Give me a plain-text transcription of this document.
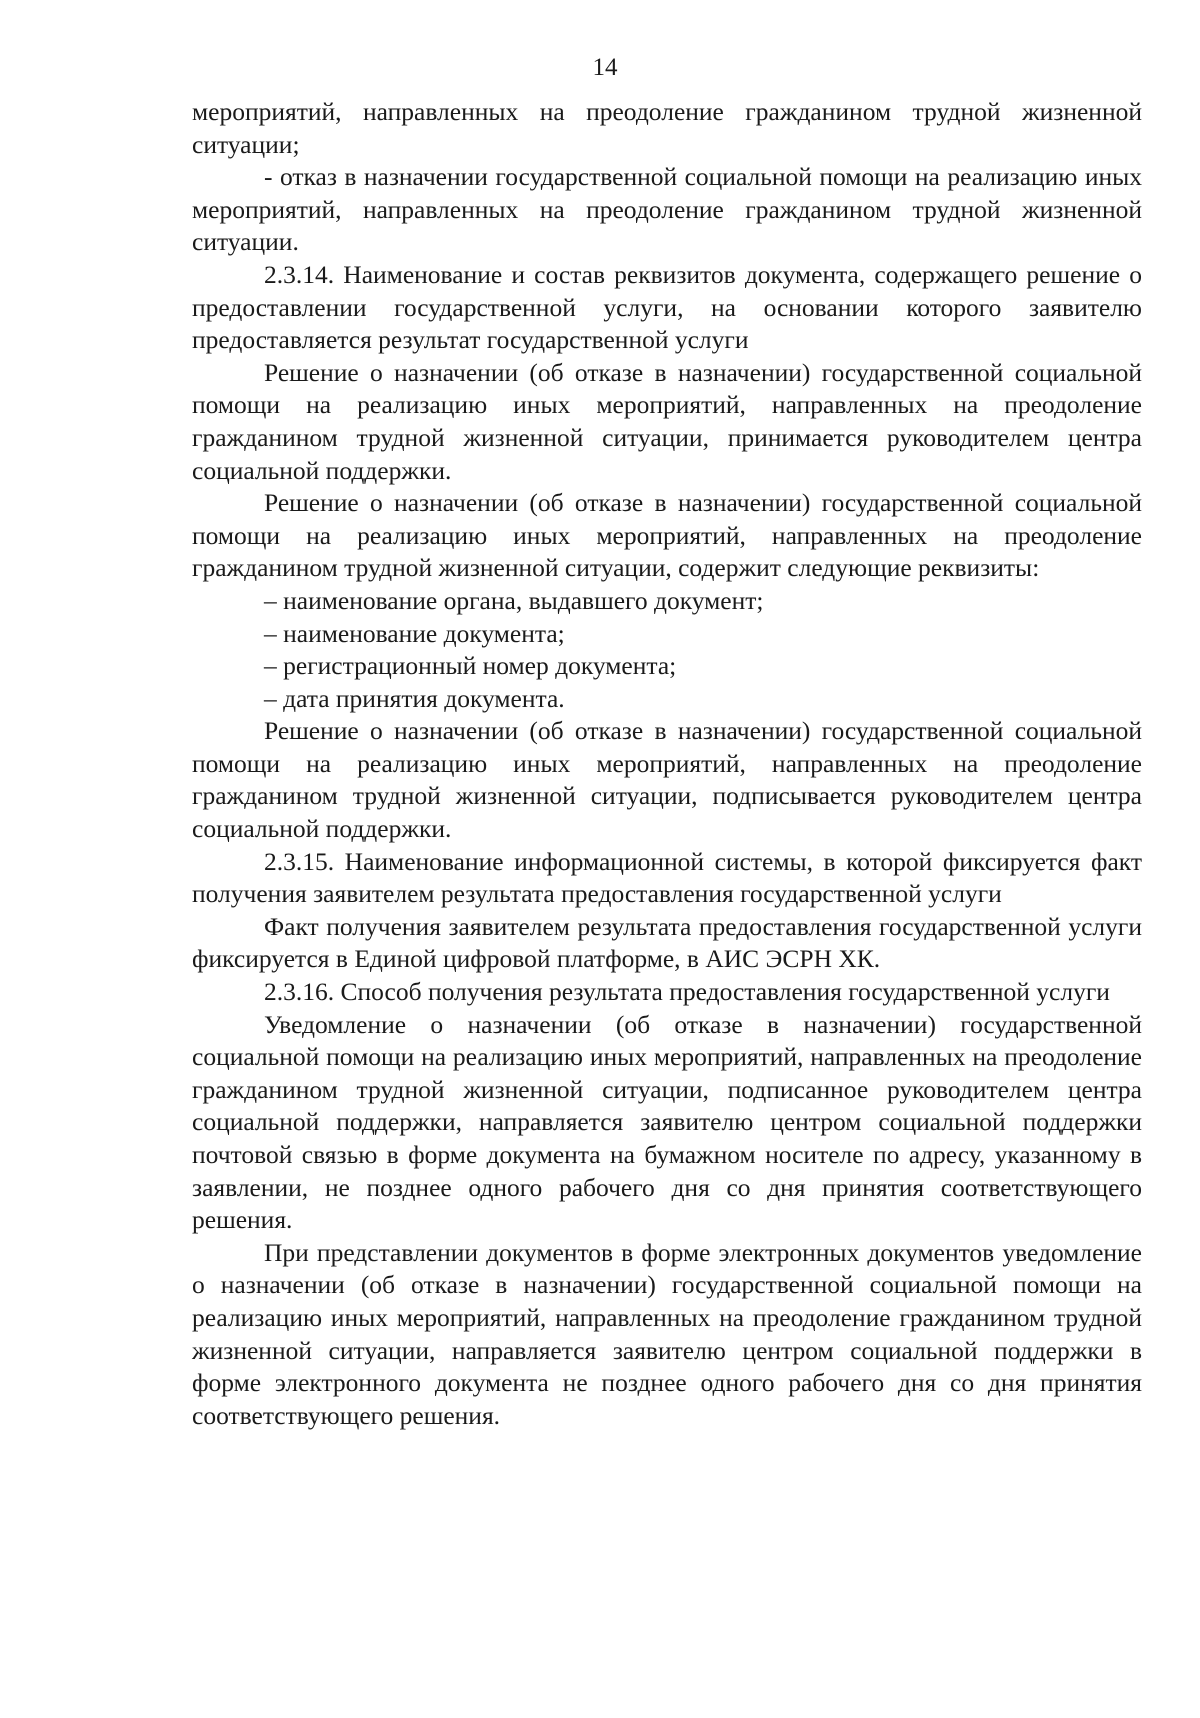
14

мероприятий, направленных на преодоление гражданином трудной жизненной ситуации;

- отказ в назначении государственной социальной помощи на реализацию иных мероприятий, направленных на преодоление гражданином трудной жизненной ситуации.

2.3.14. Наименование и состав реквизитов документа, содержащего решение о предоставлении государственной услуги, на основании которого заявителю предоставляется результат государственной услуги

Решение о назначении (об отказе в назначении) государственной социальной помощи на реализацию иных мероприятий, направленных на преодоление гражданином трудной жизненной ситуации, принимается руководителем центра социальной поддержки.

Решение о назначении (об отказе в назначении) государственной социальной помощи на реализацию иных мероприятий, направленных на преодоление гражданином трудной жизненной ситуации, содержит следующие реквизиты:

– наименование органа, выдавшего документ;

– наименование документа;

– регистрационный номер документа;

– дата принятия документа.

Решение о назначении (об отказе в назначении) государственной социальной помощи на реализацию иных мероприятий, направленных на преодоление гражданином трудной жизненной ситуации, подписывается руководителем центра социальной поддержки.

2.3.15. Наименование информационной системы, в которой фиксируется факт получения заявителем результата предоставления государственной услуги

Факт получения заявителем результата предоставления государственной услуги фиксируется в Единой цифровой платформе, в АИС ЭСРН ХК.

2.3.16. Способ получения результата предоставления государственной услуги

Уведомление о назначении (об отказе в назначении) государственной социальной помощи на реализацию иных мероприятий, направленных на преодоление гражданином трудной жизненной ситуации, подписанное руководителем центра социальной поддержки, направляется заявителю центром социальной поддержки почтовой связью в форме документа на бумажном носителе по адресу, указанному в заявлении, не позднее одного рабочего дня со дня принятия соответствующего решения.

При представлении документов в форме электронных документов уведомление о назначении (об отказе в назначении) государственной социальной помощи на реализацию иных мероприятий, направленных на преодоление гражданином трудной жизненной ситуации, направляется заявителю центром социальной поддержки в форме электронного документа не позднее одного рабочего дня со дня принятия соответствующего решения.
